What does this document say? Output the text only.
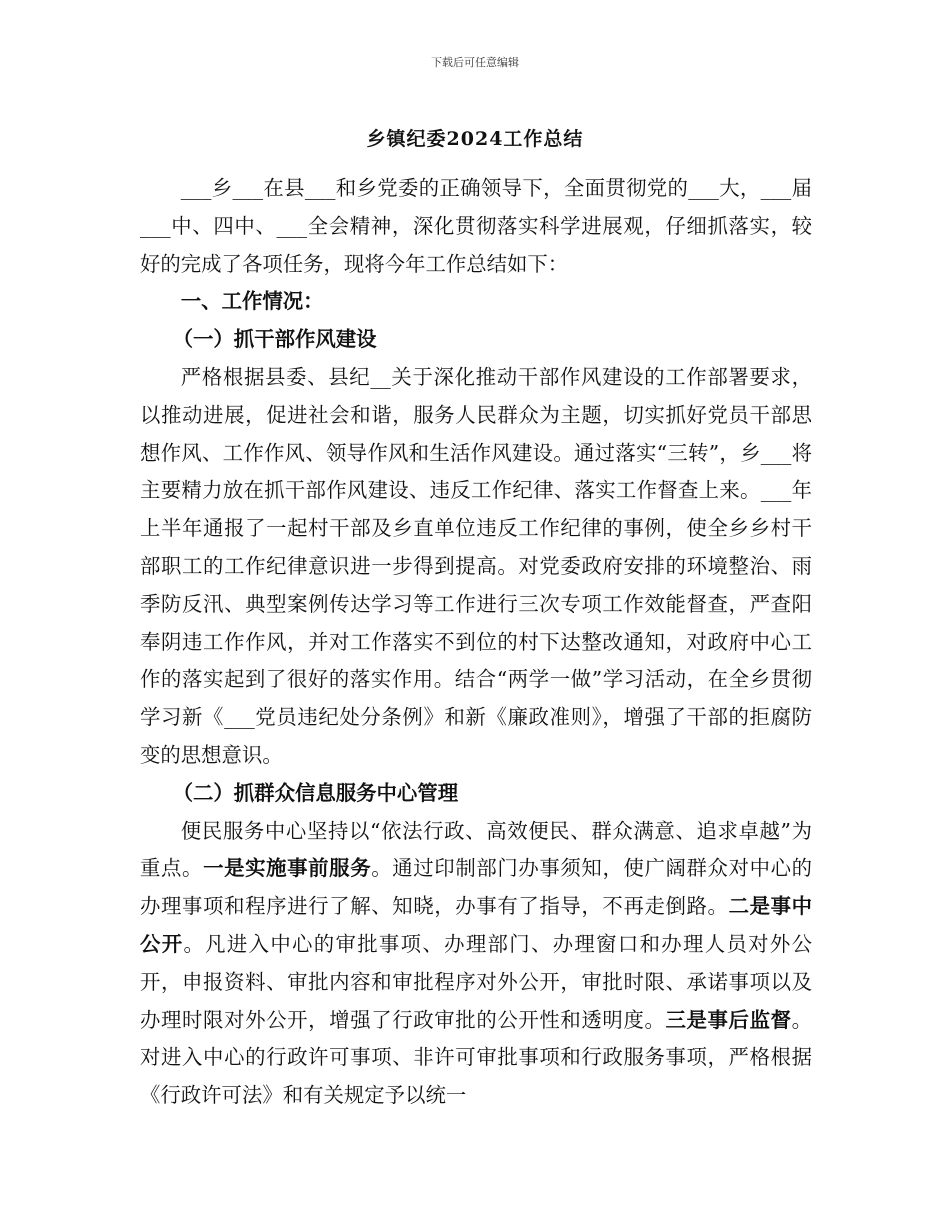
下载后可任意编辑
乡镇纪委2024工作总结

___乡___在县___和乡党委的正确领导下，全面贯彻党的___大，___届___中、四中、___全会精神，深化贯彻落实科学进展观，仔细抓落实，较好的完成了各项任务，现将今年工作总结如下：

一、工作情况：

（一）抓干部作风建设

严格根据县委、县纪__关于深化推动干部作风建设的工作部署要求，以推动进展，促进社会和谐，服务人民群众为主题，切实抓好党员干部思想作风、工作作风、领导作风和生活作风建设。通过落实“三转”，乡___将主要精力放在抓干部作风建设、违反工作纪律、落实工作督查上来。___年上半年通报了一起村干部及乡直单位违反工作纪律的事例，使全乡乡村干部职工的工作纪律意识进一步得到提高。对党委政府安排的环境整治、雨季防反汛、典型案例传达学习等工作进行三次专项工作效能督查，严查阳奉阴违工作作风，并对工作落实不到位的村下达整改通知，对政府中心工作的落实起到了很好的落实作用。结合“两学一做”学习活动，在全乡贯彻学习新《___党员违纪处分条例》和新《廉政准则》，增强了干部的拒腐防变的思想意识。

（二）抓群众信息服务中心管理

便民服务中心坚持以“依法行政、高效便民、群众满意、追求卓越”为重点。一是实施事前服务。通过印制部门办事须知，使广阔群众对中心的办理事项和程序进行了解、知晓，办事有了指导，不再走倒路。二是事中公开。凡进入中心的审批事项、办理部门、办理窗口和办理人员对外公开，申报资料、审批内容和审批程序对外公开，审批时限、承诺事项以及办理时限对外公开，增强了行政审批的公开性和透明度。三是事后监督。对进入中心的行政许可事项、非许可审批事项和行政服务事项，严格根据《行政许可法》和有关规定予以统一
